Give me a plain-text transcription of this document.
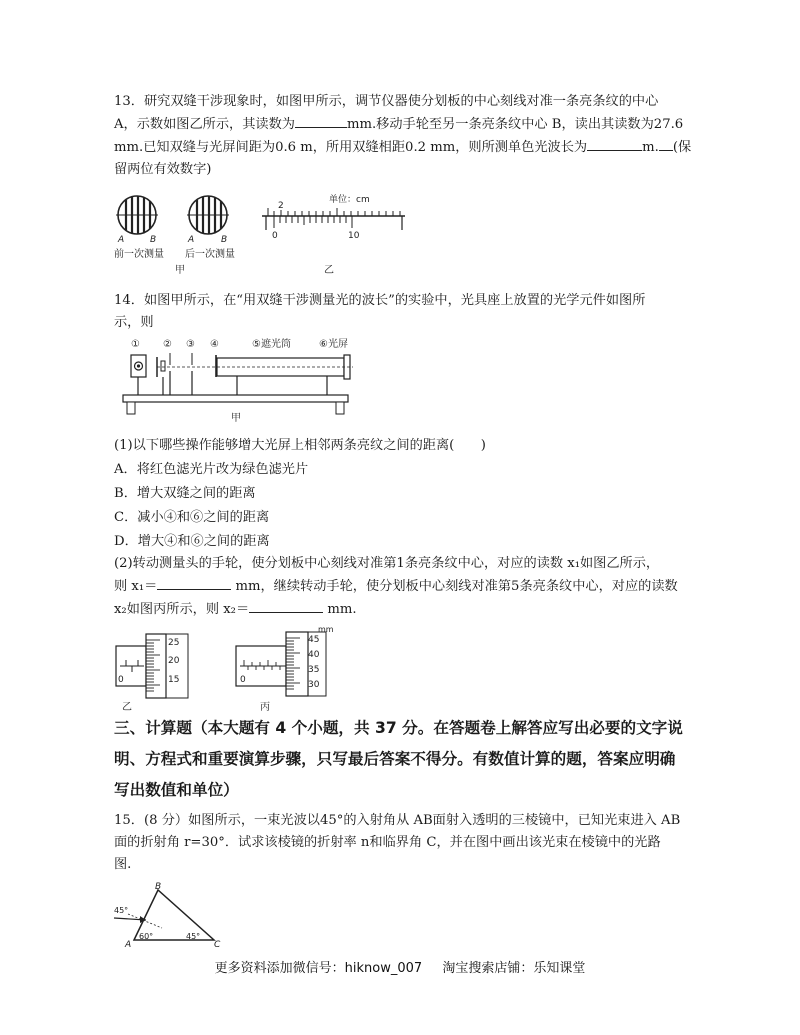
13．研究双缝干涉现象时，如图甲所示，调节仪器使分划板的中心刻线对准一条亮条纹的中心
A，示数如图乙所示，其读数为	mm.移动手轮至另一条亮条纹中心 B，读出其读数为27.6
mm.已知双缝与光屏间距为0.6 m，所用双缝相距0.2 mm，则所测单色光波长为	m. (保
留两位有效数字)
A	B	A	B
前一次测量 后一次测量
甲
单位：cm
2
0	10
乙
14．如图甲所示，在“用双缝干涉测量光的波长”的实验中，光具座上放置的光学元件如图所
示，则
① ② ③ ④	⑤遮光筒	⑥光屏
甲
(1)以下哪些操作能够增大光屏上相邻两条亮纹之间的距离(　　)
A．将红色滤光片改为绿色滤光片
B．增大双缝之间的距离
C．减小④和⑥之间的距离
D．增大④和⑥之间的距离
(2)转动测量头的手轮，使分划板中心刻线对准第1条亮条纹中心，对应的读数 x₁如图乙所示，
则 x₁＝	mm，继续转动手轮，使分划板中心刻线对准第5条亮条纹中心，对应的读数
x₂如图丙所示，则 x₂＝	mm.
0
25
20
15
乙
mm
0
45
40
35
30
丙
三、计算题（本大题有 4 个小题，共 37 分。在答题卷上解答应写出必要的文字说
明、方程式和重要演算步骤，只写最后答案不得分。有数值计算的题，答案应明确
写出数值和单位）
15．(8 分）如图所示，一束光波以45°的入射角从 AB面射入透明的三棱镜中，已知光束进入 AB
面的折射角 r=30°．试求该棱镜的折射率 n和临界角 C，并在图中画出该光束在棱镜中的光路
图.
B
A	C
45°
60°	45°
更多资料添加微信号：hiknow_007 淘宝搜索店铺：乐知课堂
